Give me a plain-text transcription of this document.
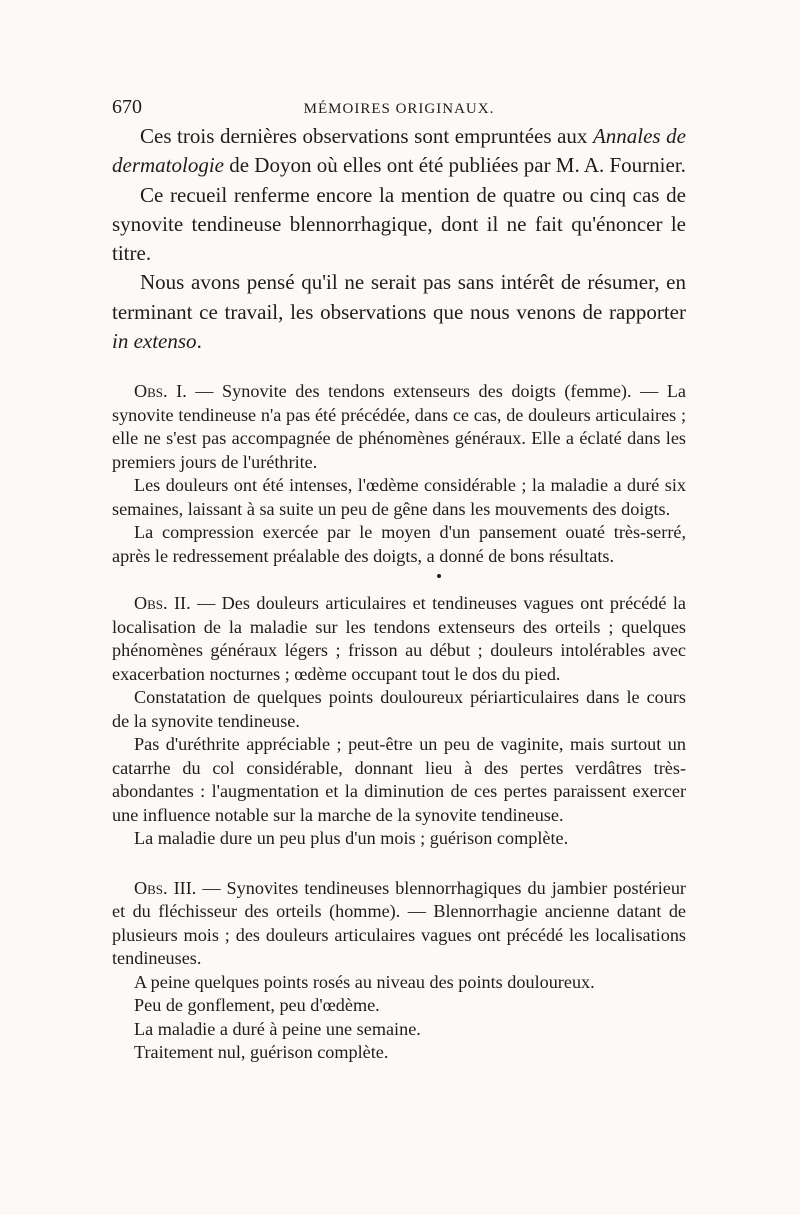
670	MÉMOIRES ORIGINAUX.

Ces trois dernières observations sont empruntées aux Annales de dermatologie de Doyon où elles ont été publiées par M. A. Fournier.

Ce recueil renferme encore la mention de quatre ou cinq cas de synovite tendineuse blennorrhagique, dont il ne fait qu'énoncer le titre.

Nous avons pensé qu'il ne serait pas sans intérêt de résumer, en terminant ce travail, les observations que nous venons de rapporter in extenso.

Obs. I. — Synovite des tendons extenseurs des doigts (femme). — La synovite tendineuse n'a pas été précédée, dans ce cas, de douleurs articulaires ; elle ne s'est pas accompagnée de phénomènes généraux. Elle a éclaté dans les premiers jours de l'uréthrite.

Les douleurs ont été intenses, l'œdème considérable ; la maladie a duré six semaines, laissant à sa suite un peu de gêne dans les mouvements des doigts.

La compression exercée par le moyen d'un pansement ouaté très-serré, après le redressement préalable des doigts, a donné de bons résultats.

Obs. II. — Des douleurs articulaires et tendineuses vagues ont précédé la localisation de la maladie sur les tendons extenseurs des orteils ; quelques phénomènes généraux légers ; frisson au début ; douleurs intolérables avec exacerbation nocturnes ; œdème occupant tout le dos du pied.

Constatation de quelques points douloureux périarticulaires dans le cours de la synovite tendineuse.

Pas d'uréthrite appréciable ; peut-être un peu de vaginite, mais surtout un catarrhe du col considérable, donnant lieu à des pertes verdâtres très-abondantes : l'augmentation et la diminution de ces pertes paraissent exercer une influence notable sur la marche de la synovite tendineuse.

La maladie dure un peu plus d'un mois ; guérison complète.

Obs. III. — Synovites tendineuses blennorrhagiques du jambier postérieur et du fléchisseur des orteils (homme). — Blennorrhagie ancienne datant de plusieurs mois ; des douleurs articulaires vagues ont précédé les localisations tendineuses.

A peine quelques points rosés au niveau des points douloureux.

Peu de gonflement, peu d'œdème.

La maladie a duré à peine une semaine.

Traitement nul, guérison complète.
